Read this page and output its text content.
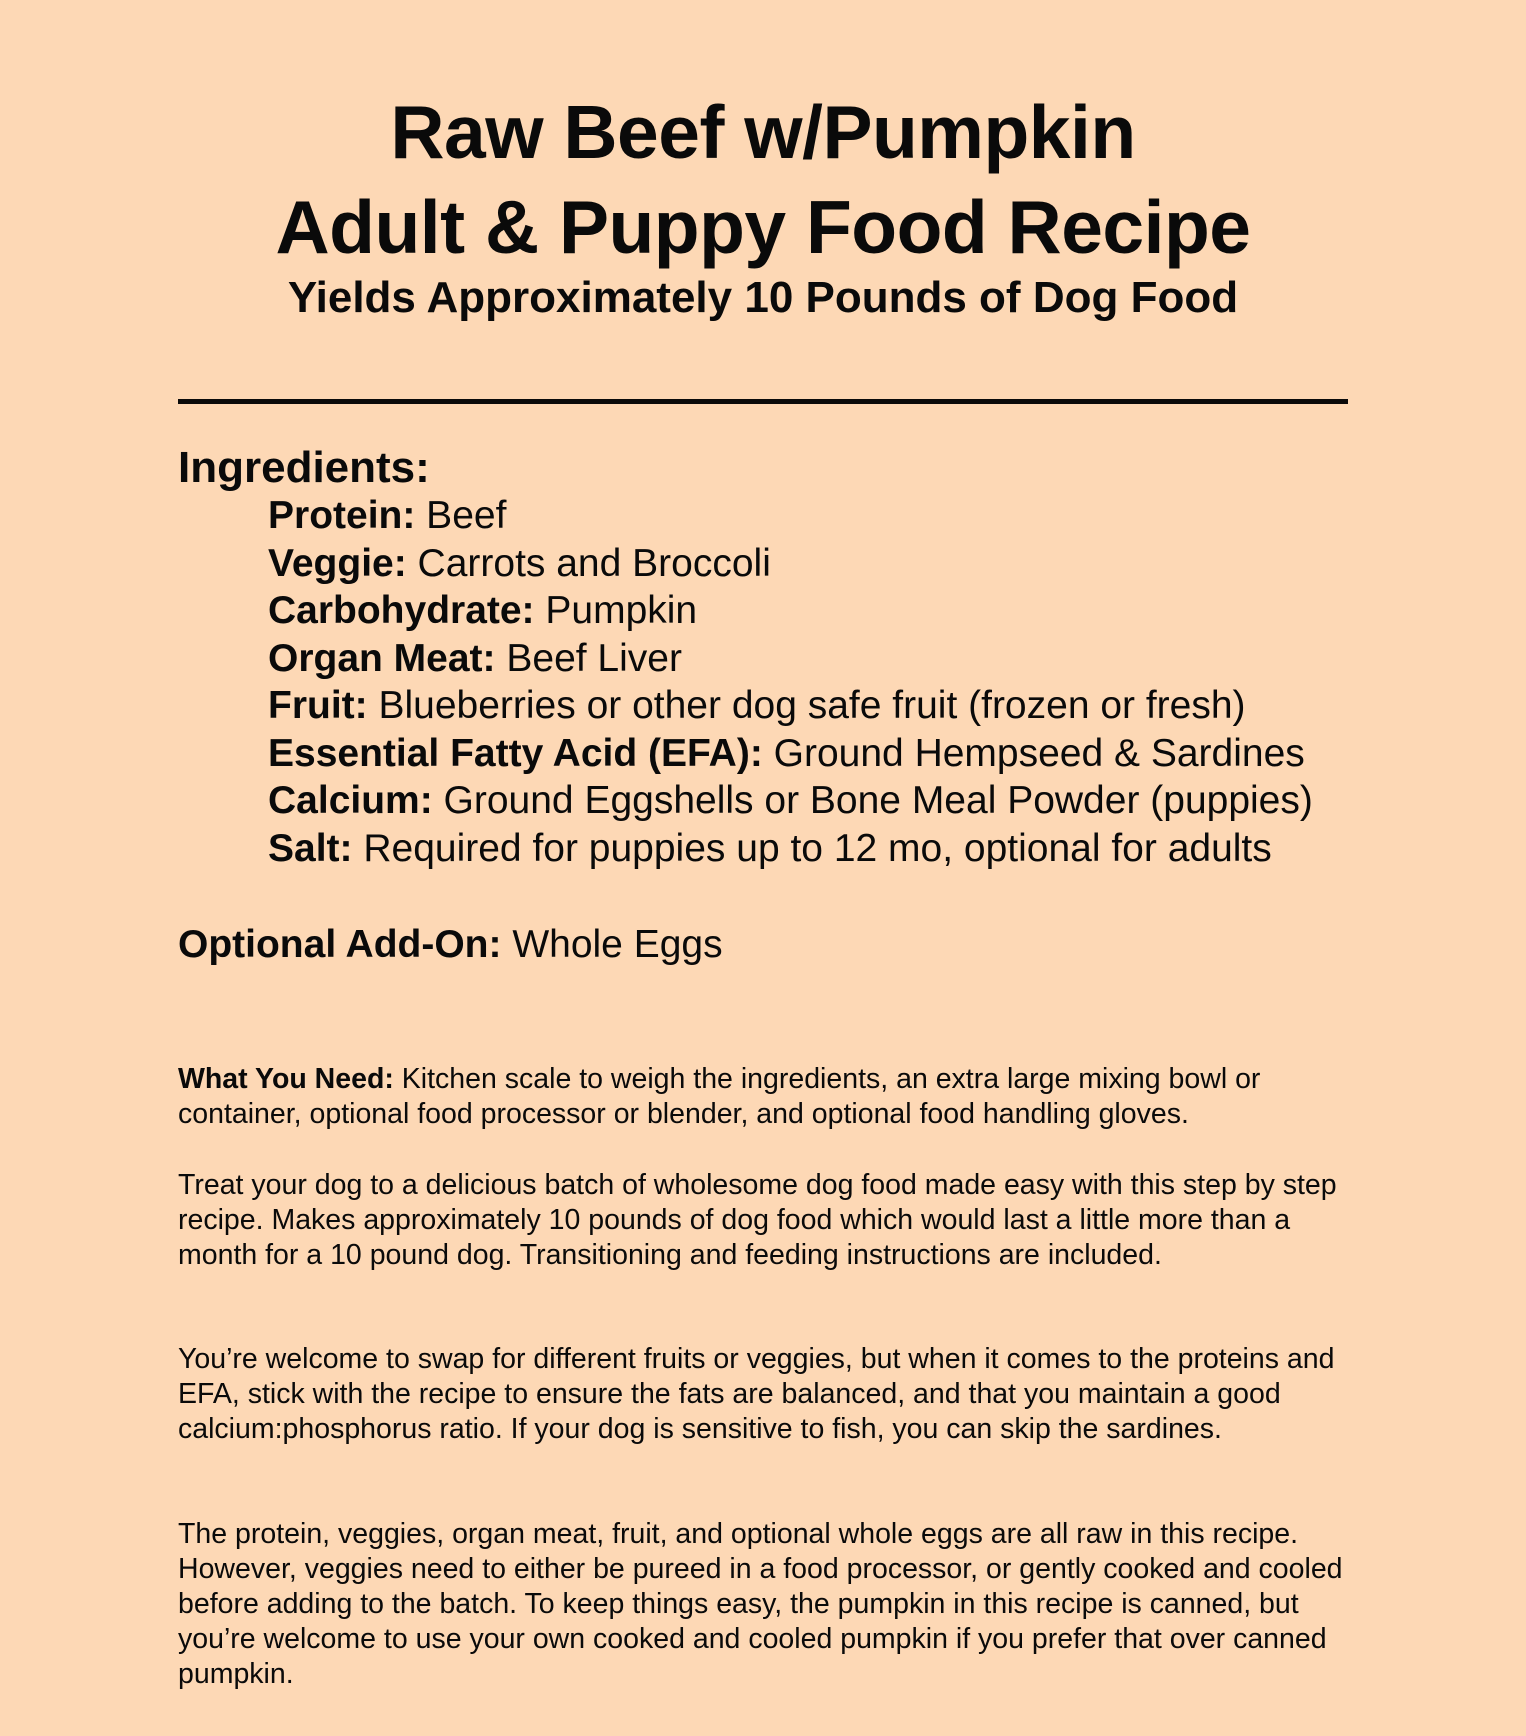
Raw Beef w/Pumpkin
Adult & Puppy Food Recipe
Yields Approximately 10 Pounds of Dog Food
Ingredients:
Protein: Beef
Veggie: Carrots and Broccoli
Carbohydrate: Pumpkin
Organ Meat: Beef Liver
Fruit: Blueberries or other dog safe fruit (frozen or fresh)
Essential Fatty Acid (EFA): Ground Hempseed & Sardines
Calcium: Ground Eggshells or Bone Meal Powder (puppies)
Salt: Required for puppies up to 12 mo, optional for adults
Optional Add-On: Whole Eggs

What You Need: Kitchen scale to weigh the ingredients, an extra large mixing bowl or container, optional food processor or blender, and optional food handling gloves.

Treat your dog to a delicious batch of wholesome dog food made easy with this step by step recipe. Makes approximately 10 pounds of dog food which would last a little more than a month for a 10 pound dog. Transitioning and feeding instructions are included.

You’re welcome to swap for different fruits or veggies, but when it comes to the proteins and EFA, stick with the recipe to ensure the fats are balanced, and that you maintain a good calcium:phosphorus ratio. If your dog is sensitive to fish, you can skip the sardines.

The protein, veggies, organ meat, fruit, and optional whole eggs are all raw in this recipe. However, veggies need to either be pureed in a food processor, or gently cooked and cooled before adding to the batch. To keep things easy, the pumpkin in this recipe is canned, but you’re welcome to use your own cooked and cooled pumpkin if you prefer that over canned pumpkin.
